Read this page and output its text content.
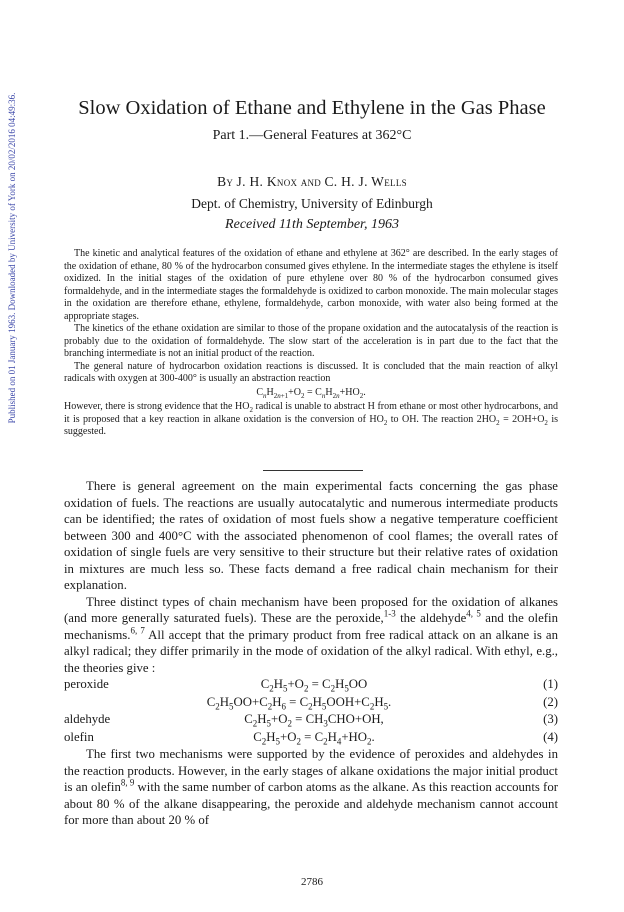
Published on 01 January 1963. Downloaded by University of York on 20/02/2016 04:49:36.	Slow Oxidation of Ethane and Ethylene in the Gas Phase
Part 1.—General Features at 362°C
By J. H. Knox and C. H. J. Wells
Dept. of Chemistry, University of Edinburgh
Received 11th September, 1963

The kinetic and analytical features of the oxidation of ethane and ethylene at 362° are described. In the early stages of the oxidation of ethane, 80 % of the hydrocarbon consumed gives ethylene. In the intermediate stages the ethylene is itself oxidized. In the initial stages of the oxidation of pure ethylene over 80 % of the hydrocarbon consumed gives formaldehyde, and in the intermediate stages the formaldehyde is oxidized to carbon monoxide. The main molecular stages in the oxidation are therefore ethane, ethylene, formaldehyde, carbon monoxide, with water also being formed at the appropriate stages.

The kinetics of the ethane oxidation are similar to those of the propane oxidation and the autocatalysis of the reaction is probably due to the oxidation of formaldehyde. The slow start of the acceleration is in part due to the fact that the branching intermediate is not an initial product of the reaction.

The general nature of hydrocarbon oxidation reactions is discussed. It is concluded that the main reaction of alkyl radicals with oxygen at 300-400° is usually an abstraction reaction

$C_nH_{2n+1}+O_2 = C_nH_{2n}+HO_2$.

However, there is strong evidence that the $HO_2$ radical is unable to abstract H from ethane or most other hydrocarbons, and it is proposed that a key reaction in alkane oxidation is the conversion of $HO_2$ to OH. The reaction $2HO_2 = 2OH+O_2$ is suggested.

There is general agreement on the main experimental facts concerning the gas phase oxidation of fuels. The reactions are usually autocatalytic and numerous intermediate products can be identified; the rates of oxidation of most fuels show a negative temperature coefficient between 300 and 400°C with the associated phenomenon of cool flames; the overall rates of oxidation of single fuels are very sensitive to their structure but their relative rates of oxidation in mixtures are much less so. These facts demand a free radical chain mechanism for their explanation.

Three distinct types of chain mechanism have been proposed for the oxidation of alkanes (and more generally saturated fuels). These are the peroxide,$^{1-3}$ the aldehyde$^{4, 5}$ and the olefin mechanisms.$^{6, 7}$ All accept that the primary product from free radical attack on an alkane is an alkyl radical; they differ primarily in the mode of oxidation of the alkyl radical. With ethyl, e.g., the theories give :

peroxide	$C_2H_5+O_2 = C_2H_5OO$	(1)
$C_2H_5OO+C_2H_6 = C_2H_5OOH+C_2H_5$.	(2)
aldehyde	$C_2H_5+O_2 = CH_3CHO+OH$,	(3)
olefin	$C_2H_5+O_2 = C_2H_4+HO_2$.	(4)

The first two mechanisms were supported by the evidence of peroxides and aldehydes in the reaction products. However, in the early stages of alkane oxidations the major initial product is an olefin$^{8, 9}$ with the same number of carbon atoms as the alkane. As this reaction accounts for about 80 % of the alkane disappearing, the peroxide and aldehyde mechanism cannot account for more than about 20 % of

2786
